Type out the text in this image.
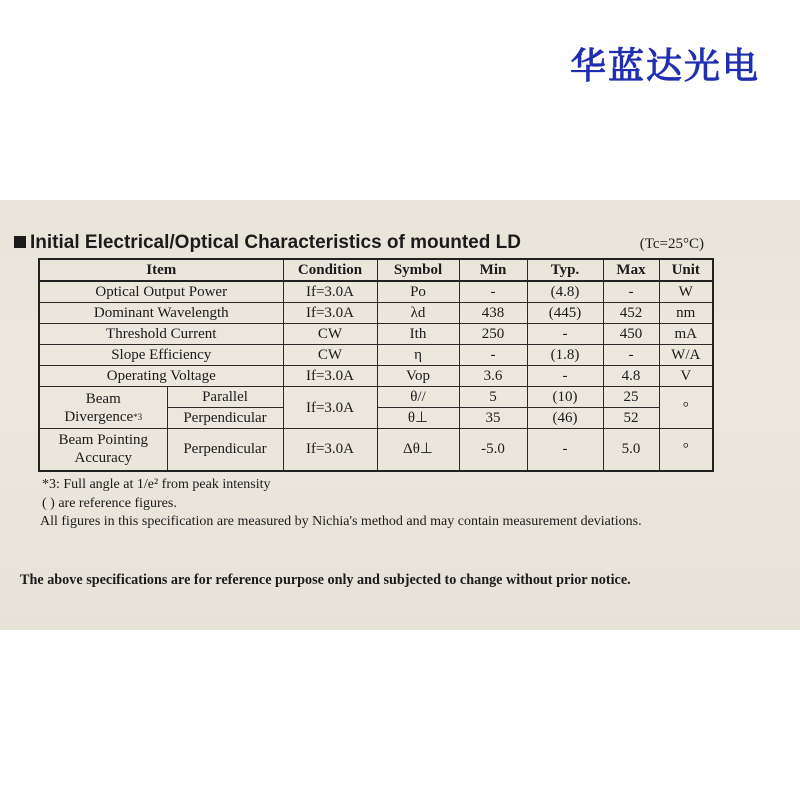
华蓝达光电
Initial Electrical/Optical Characteristics of mounted LD	(Tc=25°C)
Item		Condition	Symbol	Min	Typ.	Max	Unit
Optical Output Power		If=3.0A	Po	-	(4.8)	-	W
Dominant Wavelength		If=3.0A	λd	438	(445)	452	nm
Threshold Current		CW	Ith	250	-	450	mA
Slope Efficiency		CW	η	-	(1.8)	-	W/A
Operating Voltage		If=3.0A	Vop	3.6	-	4.8	V
Beam
Divergence$^{*3}$	Parallel	If=3.0A	θ//	5	(10)	25	°
	Perpendicular		θ⊥	35	(46)	52	
Beam Pointing
Accuracy	Perpendicular	If=3.0A	Δθ⊥	-5.0	-	5.0	°
*3: Full angle at 1/e² from peak intensity
( ) are reference figures.
All figures in this specification are measured by Nichia's method and may contain measurement deviations.
The above specifications are for reference purpose only and subjected to change without prior notice.
